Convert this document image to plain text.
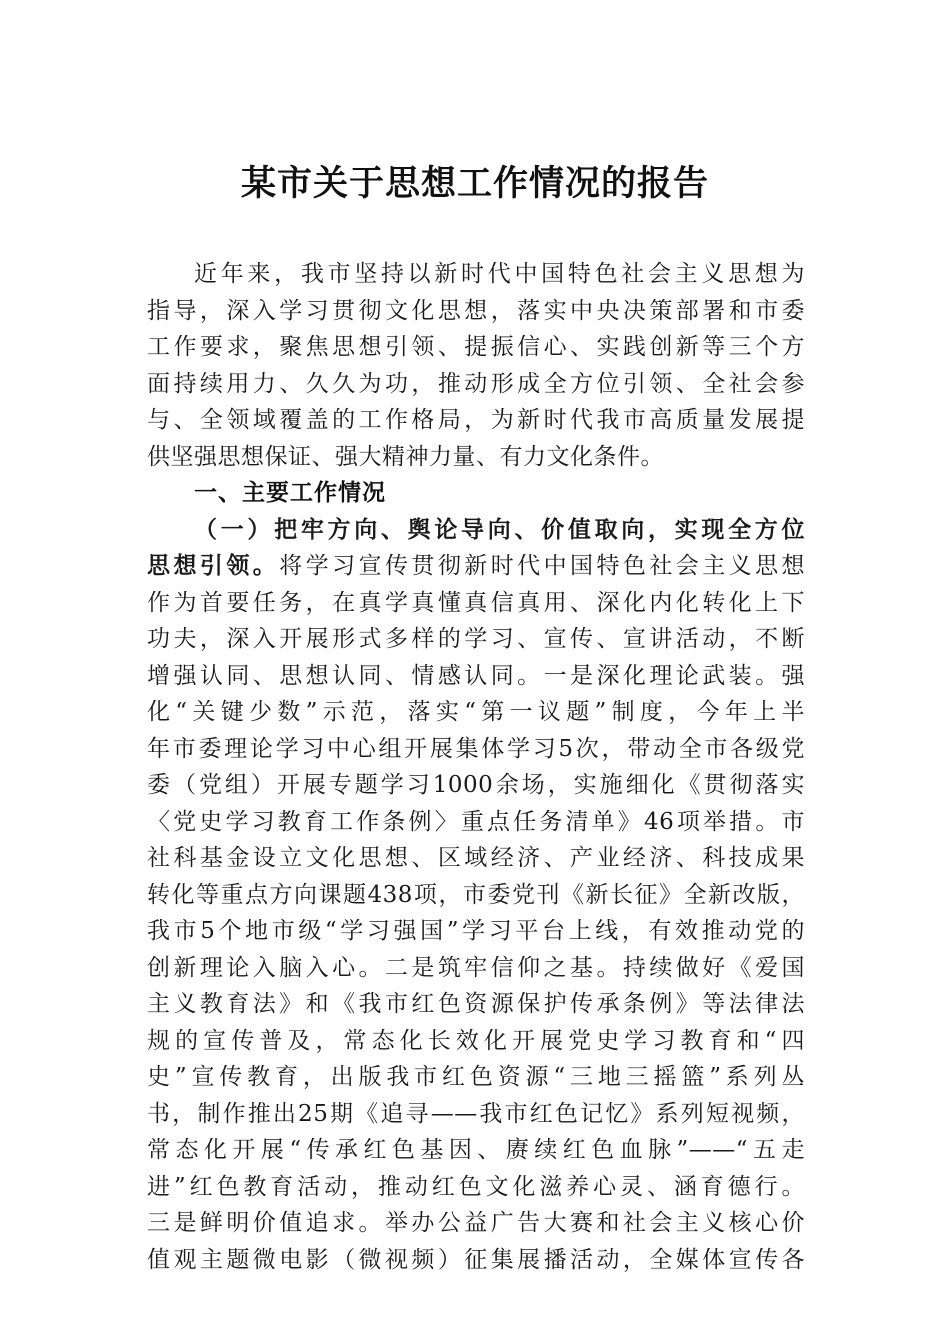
某市关于思想工作情况的报告
近年来，我市坚持以新时代中国特色社会主义思想为
指导，深入学习贯彻文化思想，落实中央决策部署和市委
工作要求，聚焦思想引领、提振信心、实践创新等三个方
面持续用力、久久为功，推动形成全方位引领、全社会参
与、全领域覆盖的工作格局，为新时代我市高质量发展提
供坚强思想保证、强大精神力量、有力文化条件。
一、主要工作情况
（一）把牢方向、舆论导向、价值取向，实现全方位
思想引领。将学习宣传贯彻新时代中国特色社会主义思想
作为首要任务，在真学真懂真信真用、深化内化转化上下
功夫，深入开展形式多样的学习、宣传、宣讲活动，不断
增强认同、思想认同、情感认同。一是深化理论武装。强
化“关键少数”示范，落实“第一议题”制度，今年上半
年市委理论学习中心组开展集体学习5次，带动全市各级党
委（党组）开展专题学习1000余场，实施细化《贯彻落实
〈党史学习教育工作条例〉重点任务清单》46项举措。市
社科基金设立文化思想、区域经济、产业经济、科技成果
转化等重点方向课题438项，市委党刊《新长征》全新改版，
我市5个地市级“学习强国”学习平台上线，有效推动党的
创新理论入脑入心。二是筑牢信仰之基。持续做好《爱国
主义教育法》和《我市红色资源保护传承条例》等法律法
规的宣传普及，常态化长效化开展党史学习教育和“四
史”宣传教育，出版我市红色资源“三地三摇篮”系列丛
书，制作推出25期《追寻——我市红色记忆》系列短视频，
常态化开展“传承红色基因、赓续红色血脉”——“五走
进”红色教育活动，推动红色文化滋养心灵、涵育德行。
三是鲜明价值追求。举办公益广告大赛和社会主义核心价
值观主题微电影（微视频）征集展播活动，全媒体宣传各
